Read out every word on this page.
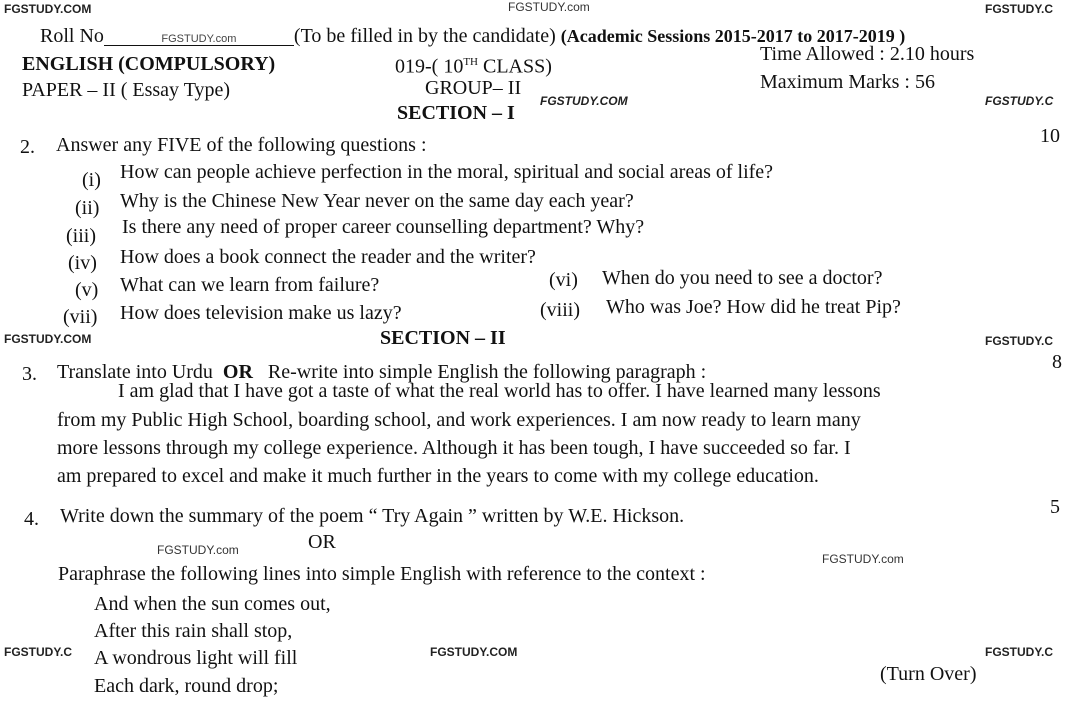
FGSTUDY.COM	FGSTUDY.com	FGSTUDY.C
FGSTUDY.C
FGSTUDY.COM
FGSTUDY.COM	FGSTUDY.C
FGSTUDY.com
FGSTUDY.com
FGSTUDY.C	FGSTUDY.COM	FGSTUDY.C
Roll No	FGSTUDY.com	(To be filled in by the candidate) (Academic Sessions 2015-2017 to 2017-2019 )
ENGLISH (COMPULSORY)	019-( 10TH CLASS)
Time Allowed : 2.10 hours
PAPER – II ( Essay Type)	GROUP– II	Maximum Marks : 56
SECTION – I
2. Answer any FIVE of the following questions :	10
(i) How can people achieve perfection in the moral, spiritual and social areas of life?
(ii) Why is the Chinese New Year never on the same day each year?
(iii) Is there any need of proper career counselling department? Why?
(iv) How does a book connect the reader and the writer?
(v) What can we learn from failure?	(vi) When do you need to see a doctor?
(vii) How does television make us lazy?	(viii) Who was Joe? How did he treat Pip?
SECTION – II
3. Translate into Urdu OR Re-write into simple English the following paragraph :	8
I am glad that I have got a taste of what the real world has to offer. I have learned many lessons
from my Public High School, boarding school, and work experiences. I am now ready to learn many
more lessons through my college experience. Although it has been tough, I have succeeded so far. I
am prepared to excel and make it much further in the years to come with my college education.
4. Write down the summary of the poem “ Try Again ” written by W.E. Hickson.	5
OR
Paraphrase the following lines into simple English with reference to the context :
And when the sun comes out,
After this rain shall stop,
A wondrous light will fill
Each dark, round drop;
(Turn Over)
